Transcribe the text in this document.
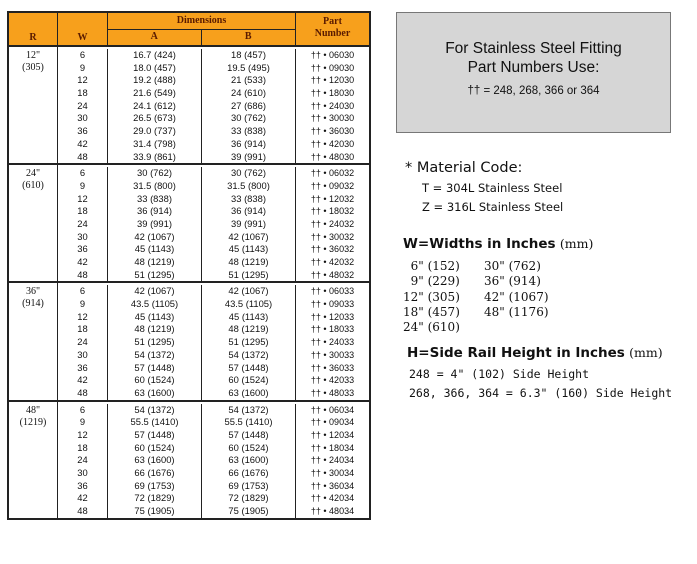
R	W
Dimensions
A	B
Part
Number
12"
(305)
6	16.7 (424)	18 (457)	†† • 06030
9	18.0 (457)	19.5 (495)	†† • 09030
12	19.2 (488)	21 (533)	†† • 12030
18	21.6 (549)	24 (610)	†† • 18030
24	24.1 (612)	27 (686)	†† • 24030
30	26.5 (673)	30 (762)	†† • 30030
36	29.0 (737)	33 (838)	†† • 36030
42	31.4 (798)	36 (914)	†† • 42030
48	33.9 (861)	39 (991)	†† • 48030
24"
(610)
6	30 (762)	30 (762)	†† • 06032
9	31.5 (800)	31.5 (800)	†† • 09032
12	33 (838)	33 (838)	†† • 12032
18	36 (914)	36 (914)	†† • 18032
24	39 (991)	39 (991)	†† • 24032
30	42 (1067)	42 (1067)	†† • 30032
36	45 (1143)	45 (1143)	†† • 36032
42	48 (1219)	48 (1219)	†† • 42032
48	51 (1295)	51 (1295)	†† • 48032
36"
(914)
6	42 (1067)	42 (1067)	†† • 06033
9	43.5 (1105)	43.5 (1105)	†† • 09033
12	45 (1143)	45 (1143)	†† • 12033
18	48 (1219)	48 (1219)	†† • 18033
24	51 (1295)	51 (1295)	†† • 24033
30	54 (1372)	54 (1372)	†† • 30033
36	57 (1448)	57 (1448)	†† • 36033
42	60 (1524)	60 (1524)	†† • 42033
48	63 (1600)	63 (1600)	†† • 48033
48"
(1219)
6	54 (1372)	54 (1372)	†† • 06034
9	55.5 (1410)	55.5 (1410)	†† • 09034
12	57 (1448)	57 (1448)	†† • 12034
18	60 (1524)	60 (1524)	†† • 18034
24	63 (1600)	63 (1600)	†† • 24034
30	66 (1676)	66 (1676)	†† • 30034
36	69 (1753)	69 (1753)	†† • 36034
42	72 (1829)	72 (1829)	†† • 42034
48	75 (1905)	75 (1905)	†† • 48034
For Stainless Steel Fitting
Part Numbers Use:
†† = 248, 268, 366 or 364
* Material Code:
T = 304L Stainless Steel
Z = 316L Stainless Steel
W=Widths in Inches (mm)
6" (152)	30" (762)
9" (229)	36" (914)
12" (305)	42" (1067)
18" (457)	48" (1176)
24" (610)
H=Side Rail Height in Inches (mm)
248 = 4" (102) Side Height
268, 366, 364 = 6.3" (160) Side Height
